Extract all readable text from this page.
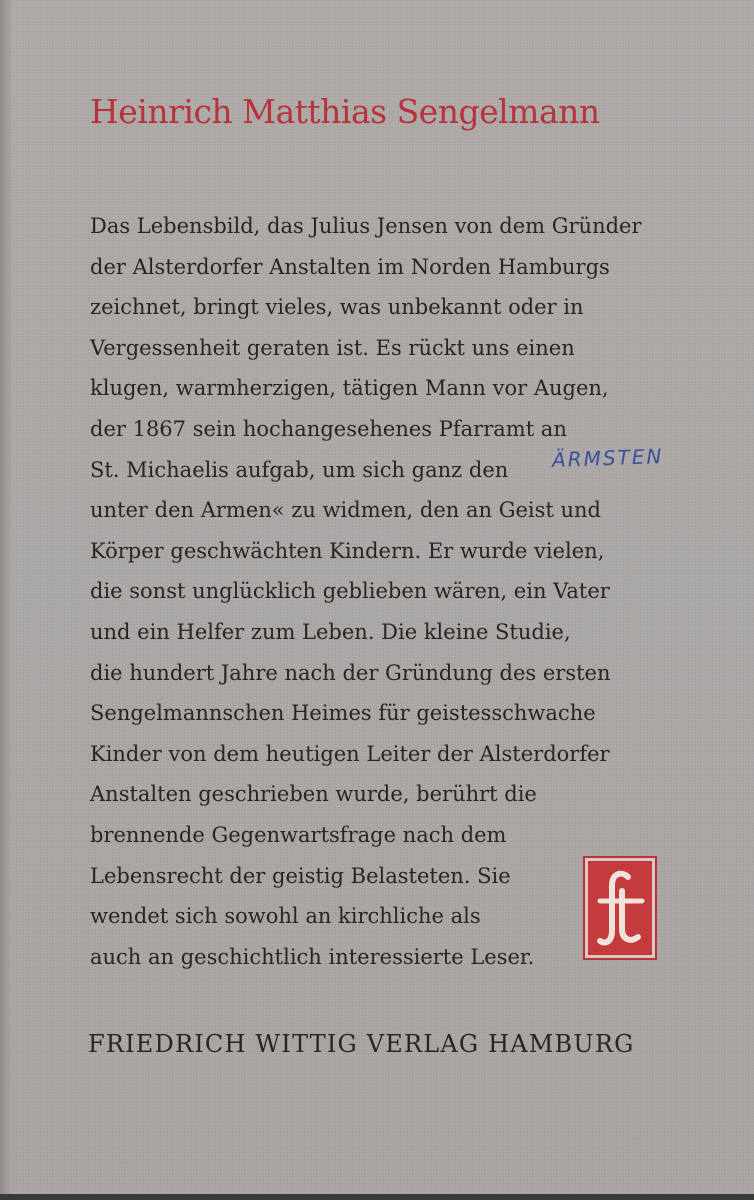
Heinrich Matthias Sengelmann
Das Lebensbild, das Julius Jensen von dem Gründer
der Alsterdorfer Anstalten im Norden Hamburgs
zeichnet, bringt vieles, was unbekannt oder in
Vergessenheit geraten ist. Es rückt uns einen
klugen, warmherzigen, tätigen Mann vor Augen,
der 1867 sein hochangesehenes Pfarramt an
St. Michaelis aufgab, um sich ganz den
unter den Armen« zu widmen, den an Geist und
Körper geschwächten Kindern. Er wurde vielen,
die sonst unglücklich geblieben wären, ein Vater
und ein Helfer zum Leben. Die kleine Studie,
die hundert Jahre nach der Gründung des ersten
Sengelmannschen Heimes für geistesschwache
Kinder von dem heutigen Leiter der Alsterdorfer
Anstalten geschrieben wurde, berührt die
brennende Gegenwartsfrage nach dem
Lebensrecht der geistig Belasteten. Sie
wendet sich sowohl an kirchliche als
auch an geschichtlich interessierte Leser.
ÄRMSTEN

FRIEDRICH WITTIG VERLAG HAMBURG
